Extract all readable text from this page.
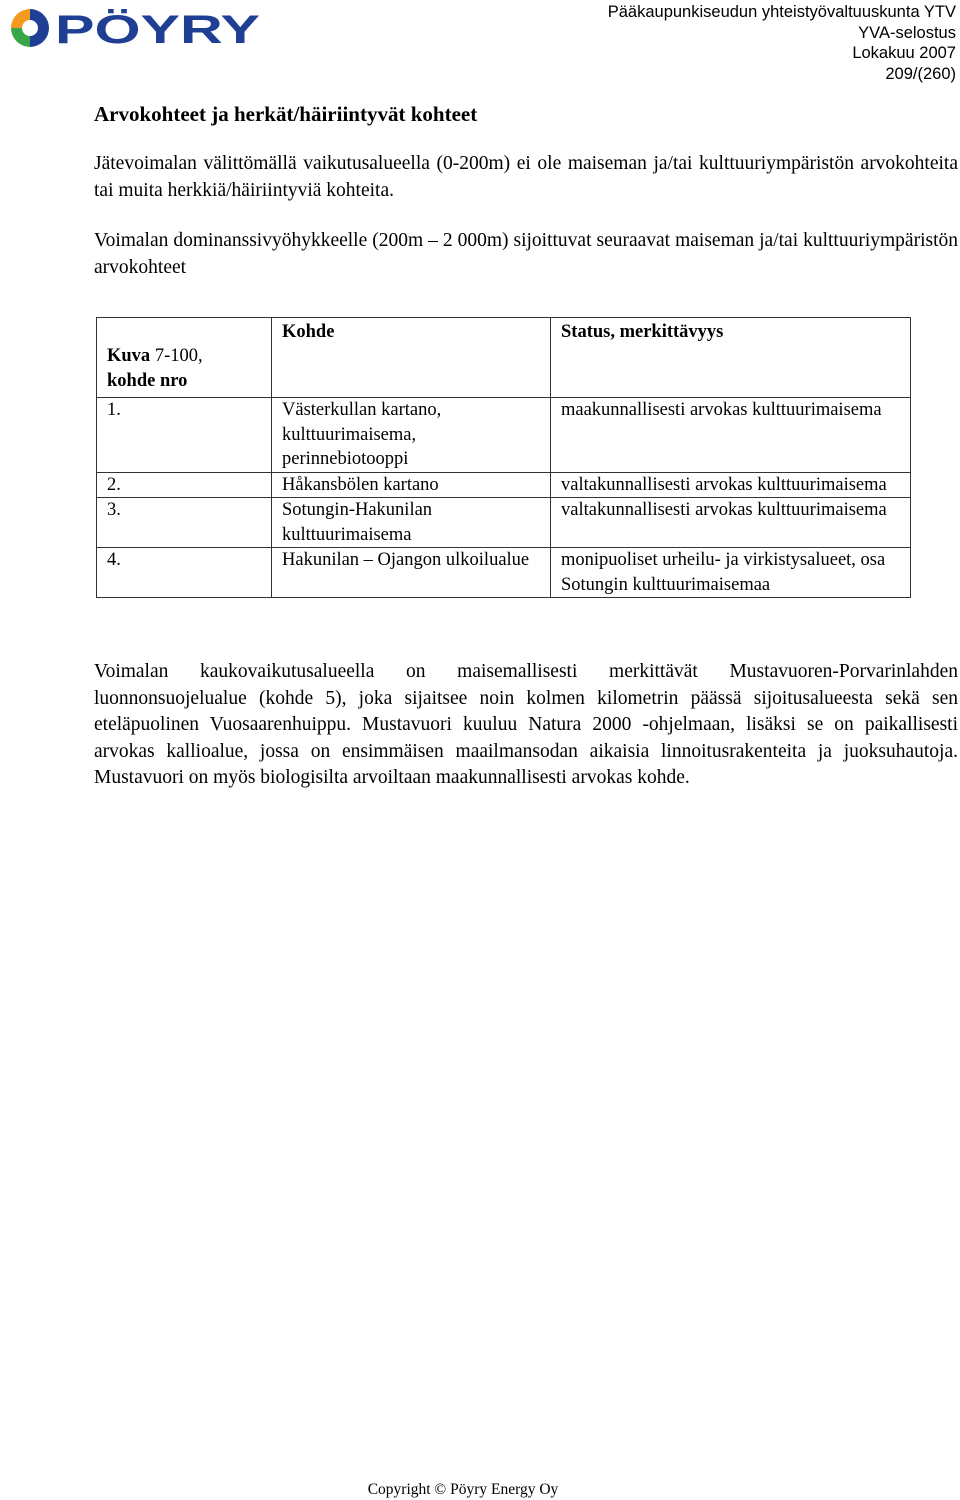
PÖYRY	Pääkaupunkiseudun yhteistyövaltuuskunta YTV
YVA-selostus
Lokakuu 2007
209/(260)
Arvokohteet ja herkät/häiriintyvät kohteet

Jätevoimalan välittömällä vaikutusalueella (0-200m) ei ole maiseman ja/tai kulttuuriympäristön arvokohteita tai muita herkkiä/häiriintyviä kohteita.

Voimalan dominanssivyöhykkeelle (200m – 2 000m) sijoittuvat seuraavat maiseman ja/tai kulttuuriympäristön arvokohteet

Kuva 7-100,
kohde nro	Kohde	Status, merkittävyys

1.	Västerkullan kartano, kulttuurimaisema, perinnebiotooppi	maakunnallisesti arvokas kulttuurimaisema
2.	Håkansbölen kartano	valtakunnallisesti arvokas kulttuurimaisema
3.	Sotungin-Hakunilan kulttuurimaisema	valtakunnallisesti arvokas kulttuurimaisema
4.	Hakunilan – Ojangon ulkoilualue	monipuoliset urheilu- ja virkistysalueet, osa Sotungin kulttuurimaisemaa

Voimalan kaukovaikutusalueella on maisemallisesti merkittävät Mustavuoren-Porvarinlahden luonnonsuojelualue (kohde 5), joka sijaitsee noin kolmen kilometrin päässä sijoitusalueesta sekä sen eteläpuolinen Vuosaarenhuippu. Mustavuori kuuluu Natura 2000 -ohjelmaan, lisäksi se on paikallisesti arvokas kallioalue, jossa on ensimmäisen maailmansodan aikaisia linnoitusrakenteita ja juoksuhautoja. Mustavuori on myös biologisilta arvoiltaan maakunnallisesti arvokas kohde.

Copyright © Pöyry Energy Oy
